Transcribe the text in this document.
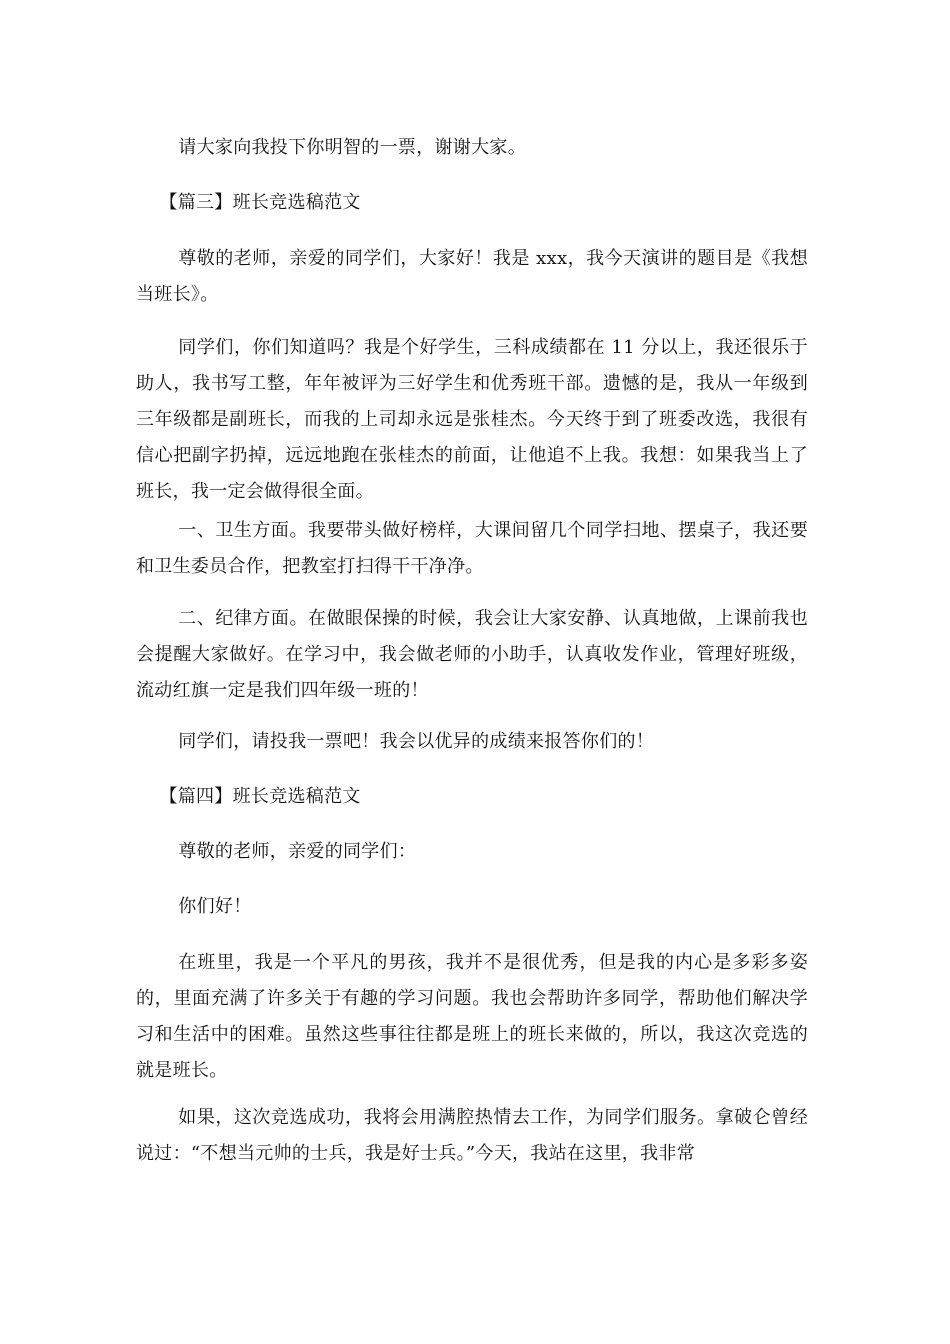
请大家向我投下你明智的一票，谢谢大家。

【篇三】班长竞选稿范文

尊敬的老师，亲爱的同学们，大家好！我是 xxx，我今天演讲的题目是《我想当班长》。

同学们，你们知道吗？我是个好学生，三科成绩都在 11 分以上，我还很乐于助人，我书写工整，年年被评为三好学生和优秀班干部。遗憾的是，我从一年级到三年级都是副班长，而我的上司却永远是张桂杰。今天终于到了班委改选，我很有信心把副字扔掉，远远地跑在张桂杰的前面，让他追不上我。我想：如果我当上了班长，我一定会做得很全面。

一、卫生方面。我要带头做好榜样，大课间留几个同学扫地、摆桌子，我还要和卫生委员合作，把教室打扫得干干净净。

二、纪律方面。在做眼保操的时候，我会让大家安静、认真地做，上课前我也会提醒大家做好。在学习中，我会做老师的小助手，认真收发作业，管理好班级，流动红旗一定是我们四年级一班的！

同学们，请投我一票吧！我会以优异的成绩来报答你们的！

【篇四】班长竞选稿范文

尊敬的老师，亲爱的同学们：

你们好！

在班里，我是一个平凡的男孩，我并不是很优秀，但是我的内心是多彩多姿的，里面充满了许多关于有趣的学习问题。我也会帮助许多同学，帮助他们解决学习和生活中的困难。虽然这些事往往都是班上的班长来做的，所以，我这次竞选的就是班长。

如果，这次竞选成功，我将会用满腔热情去工作，为同学们服务。拿破仑曾经说过：“不想当元帅的士兵，我是好士兵。”今天，我站在这里，我非常
